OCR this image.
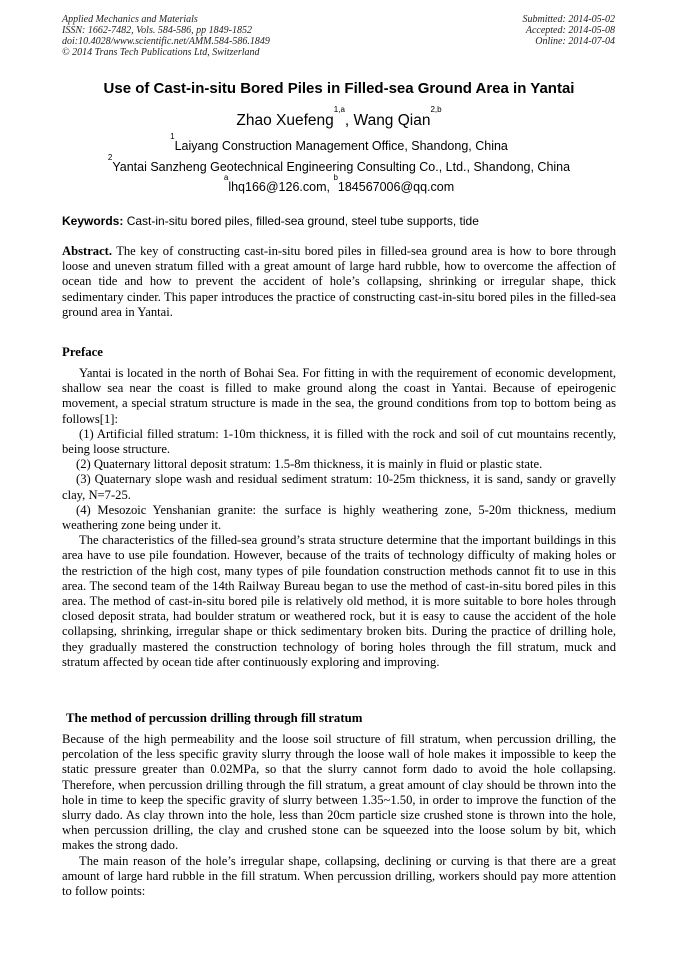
Applied Mechanics and Materials
ISSN: 1662-7482, Vols. 584-586, pp 1849-1852
doi:10.4028/www.scientific.net/AMM.584-586.1849
© 2014 Trans Tech Publications Ltd, Switzerland
Submitted: 2014-05-02
Accepted: 2014-05-08
Online: 2014-07-04
Use of Cast-in-situ Bored Piles in Filled-sea Ground Area in Yantai
Zhao Xuefeng$^{1,a}$, Wang Qian$^{2,b}$
$^1$Laiyang Construction Management Office, Shandong, China
$^2$Yantai Sanzheng Geotechnical Engineering Consulting Co., Ltd., Shandong, China
$^a$lhq166@126.com, $^b$184567006@qq.com
Keywords: Cast-in-situ bored piles, filled-sea ground, steel tube supports, tide
Abstract. The key of constructing cast-in-situ bored piles in filled-sea ground area is how to bore through loose and uneven stratum filled with a great amount of large hard rubble, how to overcome the affection of ocean tide and how to prevent the accident of hole’s collapsing, shrinking or irregular shape, thick sedimentary cinder. This paper introduces the practice of constructing cast-in-situ bored piles in the filled-sea ground area in Yantai.
Preface

Yantai is located in the north of Bohai Sea. For fitting in with the requirement of economic development, shallow sea near the coast is filled to make ground along the coast in Yantai. Because of epeirogenic movement, a special stratum structure is made in the sea, the ground conditions from top to bottom being as follows[1]:

(1) Artificial filled stratum: 1-10m thickness, it is filled with the rock and soil of cut mountains recently, being loose structure.

(2) Quaternary littoral deposit stratum: 1.5-8m thickness, it is mainly in fluid or plastic state.

(3) Quaternary slope wash and residual sediment stratum: 10-25m thickness, it is sand, sandy or gravelly clay, N=7-25.

(4) Mesozoic Yenshanian granite: the surface is highly weathering zone, 5-20m thickness, medium weathering zone being under it.

The characteristics of the filled-sea ground’s strata structure determine that the important buildings in this area have to use pile foundation. However, because of the traits of technology difficulty of making holes or the restriction of the high cost, many types of pile foundation construction methods cannot fit to use in this area. The second team of the 14th Railway Bureau began to use the method of cast-in-situ bored piles in this area. The method of cast-in-situ bored pile is relatively old method, it is more suitable to bore holes through closed deposit strata, had boulder stratum or weathered rock, but it is easy to cause the accident of the hole collapsing, shrinking, irregular shape or thick sedimentary broken bits. During the practice of drilling hole, they gradually mastered the construction technology of boring holes through the fill stratum, muck and stratum affected by ocean tide after continuously exploring and improving.

The method of percussion drilling through fill stratum

Because of the high permeability and the loose soil structure of fill stratum, when percussion drilling, the percolation of the less specific gravity slurry through the loose wall of hole makes it impossible to keep the static pressure greater than 0.02MPa, so that the slurry cannot form dado to avoid the hole collapsing. Therefore, when percussion drilling through the fill stratum, a great amount of clay should be thrown into the hole in time to keep the specific gravity of slurry between 1.35~1.50, in order to improve the function of the slurry dado. As clay thrown into the hole, less than 20cm particle size crushed stone is thrown into the hole, when percussion drilling, the clay and crushed stone can be squeezed into the loose solum by bit, which makes the strong dado.

The main reason of the hole’s irregular shape, collapsing, declining or curving is that there are a great amount of large hard rubble in the fill stratum. When percussion drilling, workers should pay more attention to follow points:
